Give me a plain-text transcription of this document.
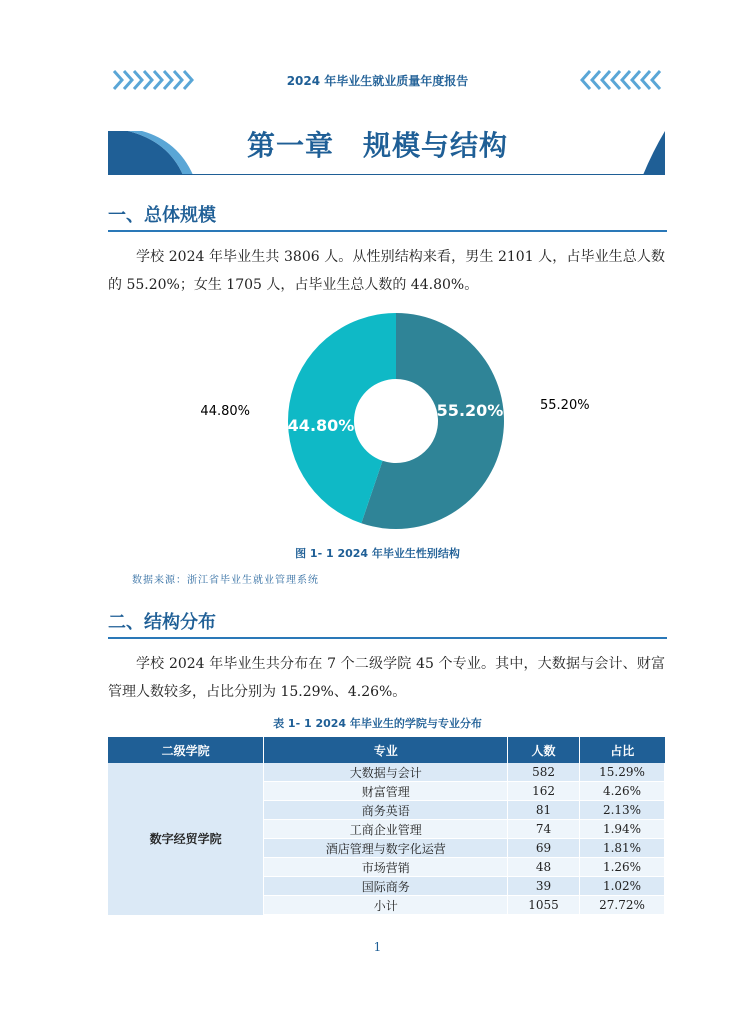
2024 年毕业生就业质量年度报告
第一章　规模与结构
一、总体规模
学校 2024 年毕业生共 3806 人。从性别结构来看，男生 2101 人，占毕业生总人数的 55.20%；女生 1705 人，占毕业生总人数的 44.80%。
55.20%
44.80%	55.20%
44.80%
图 1- 1 2024 年毕业生性别结构
数据来源：浙江省毕业生就业管理系统
二、结构分布
学校 2024 年毕业生共分布在 7 个二级学院 45 个专业。其中，大数据与会计、财富管理人数较多，占比分别为 15.29%、4.26%。
表 1- 1 2024 年毕业生的学院与专业分布
二级学院	专业	人数	占比
数字经贸学院	大数据与会计	582	15.29%
	财富管理	162	4.26%
	商务英语	81	2.13%
	工商企业管理	74	1.94%
	酒店管理与数字化运营	69	1.81%
	市场营销	48	1.26%
	国际商务	39	1.02%
	小计	1055	27.72%
1
